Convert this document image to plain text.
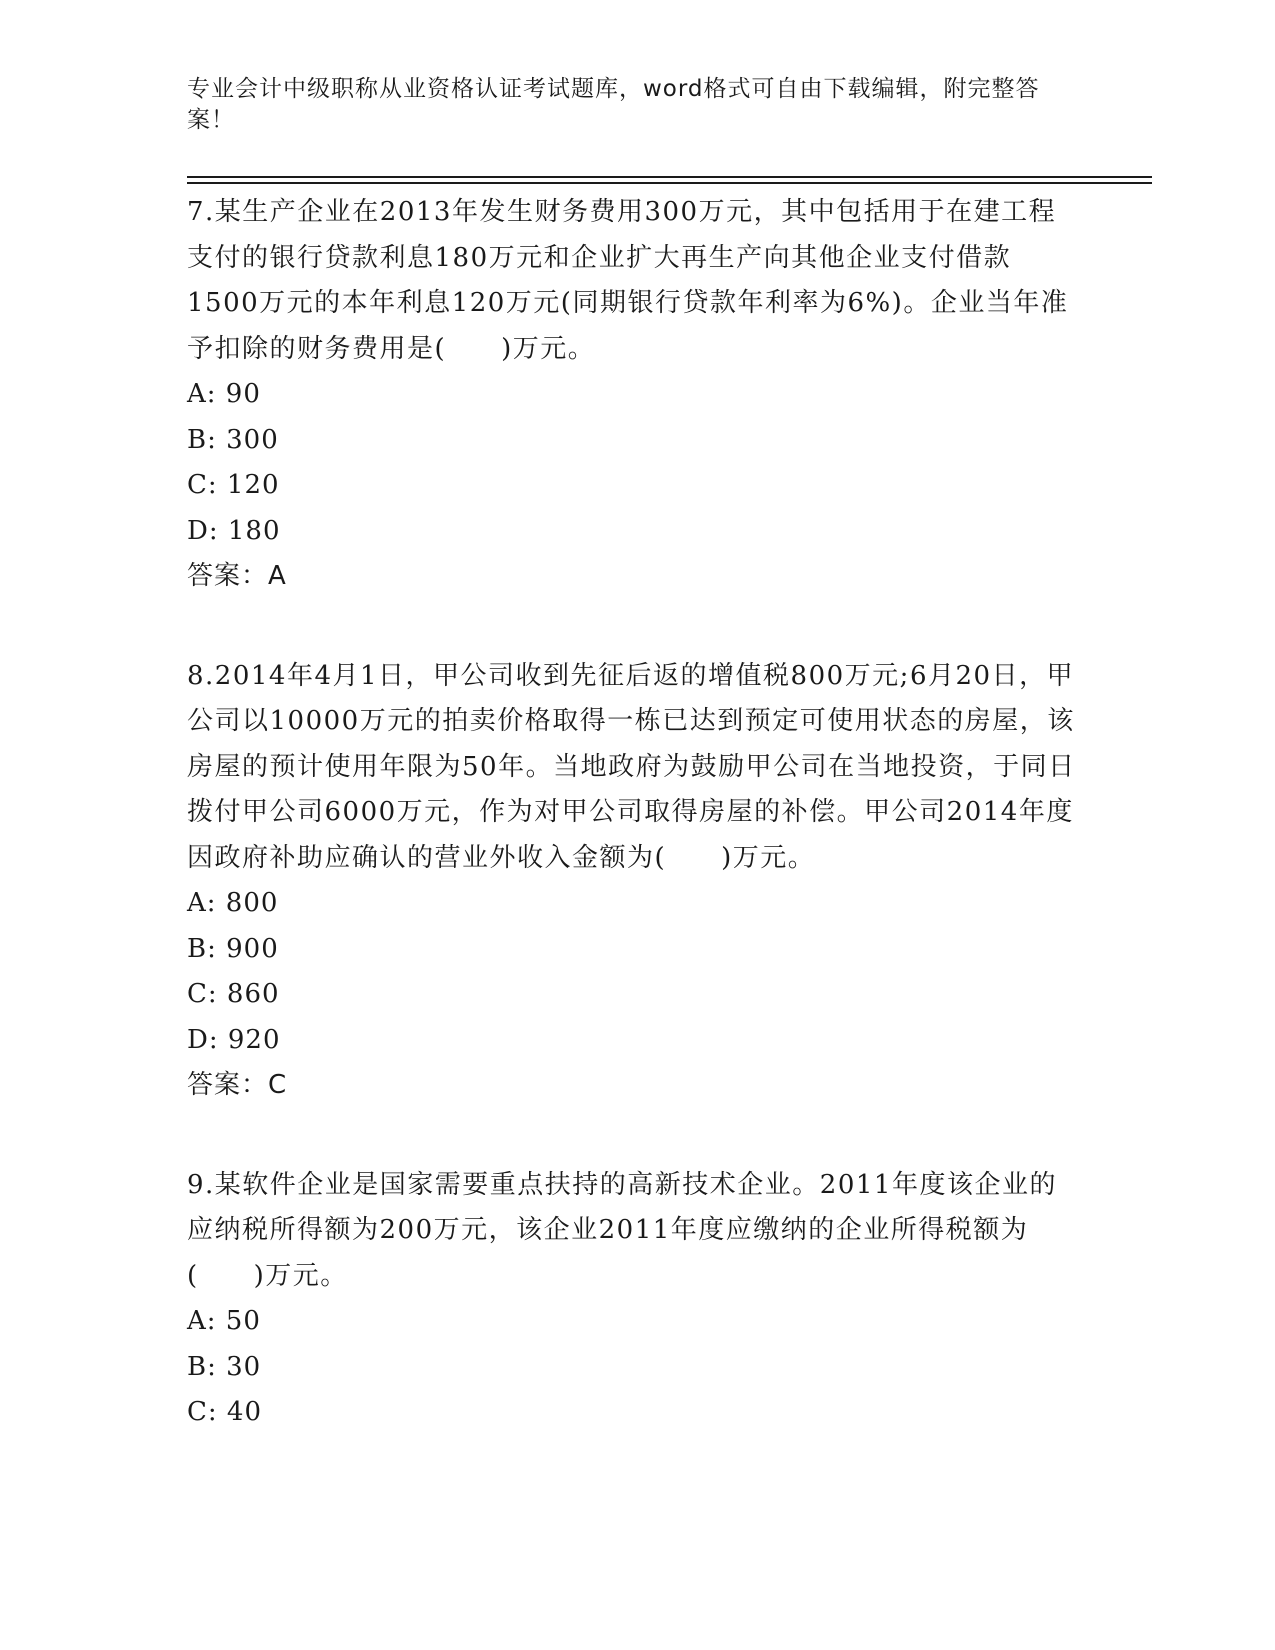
专业会计中级职称从业资格认证考试题库，word格式可自由下载编辑，附完整答案！

7.某生产企业在2013年发生财务费用300万元，其中包括用于在建工程支付的银行贷款利息180万元和企业扩大再生产向其他企业支付借款1500万元的本年利息120万元(同期银行贷款年利率为6%)。企业当年准予扣除的财务费用是(　　)万元。

A: 90
B: 300
C: 120
D: 180

答案：A

8.2014年4月1日，甲公司收到先征后返的增值税800万元;6月20日，甲公司以10000万元的拍卖价格取得一栋已达到预定可使用状态的房屋，该房屋的预计使用年限为50年。当地政府为鼓励甲公司在当地投资，于同日拨付甲公司6000万元，作为对甲公司取得房屋的补偿。甲公司2014年度因政府补助应确认的营业外收入金额为(　　)万元。

A: 800
B: 900
C: 860
D: 920

答案：C

9.某软件企业是国家需要重点扶持的高新技术企业。2011年度该企业的应纳税所得额为200万元，该企业2011年度应缴纳的企业所得税额为(　　)万元。

A: 50
B: 30
C: 40
